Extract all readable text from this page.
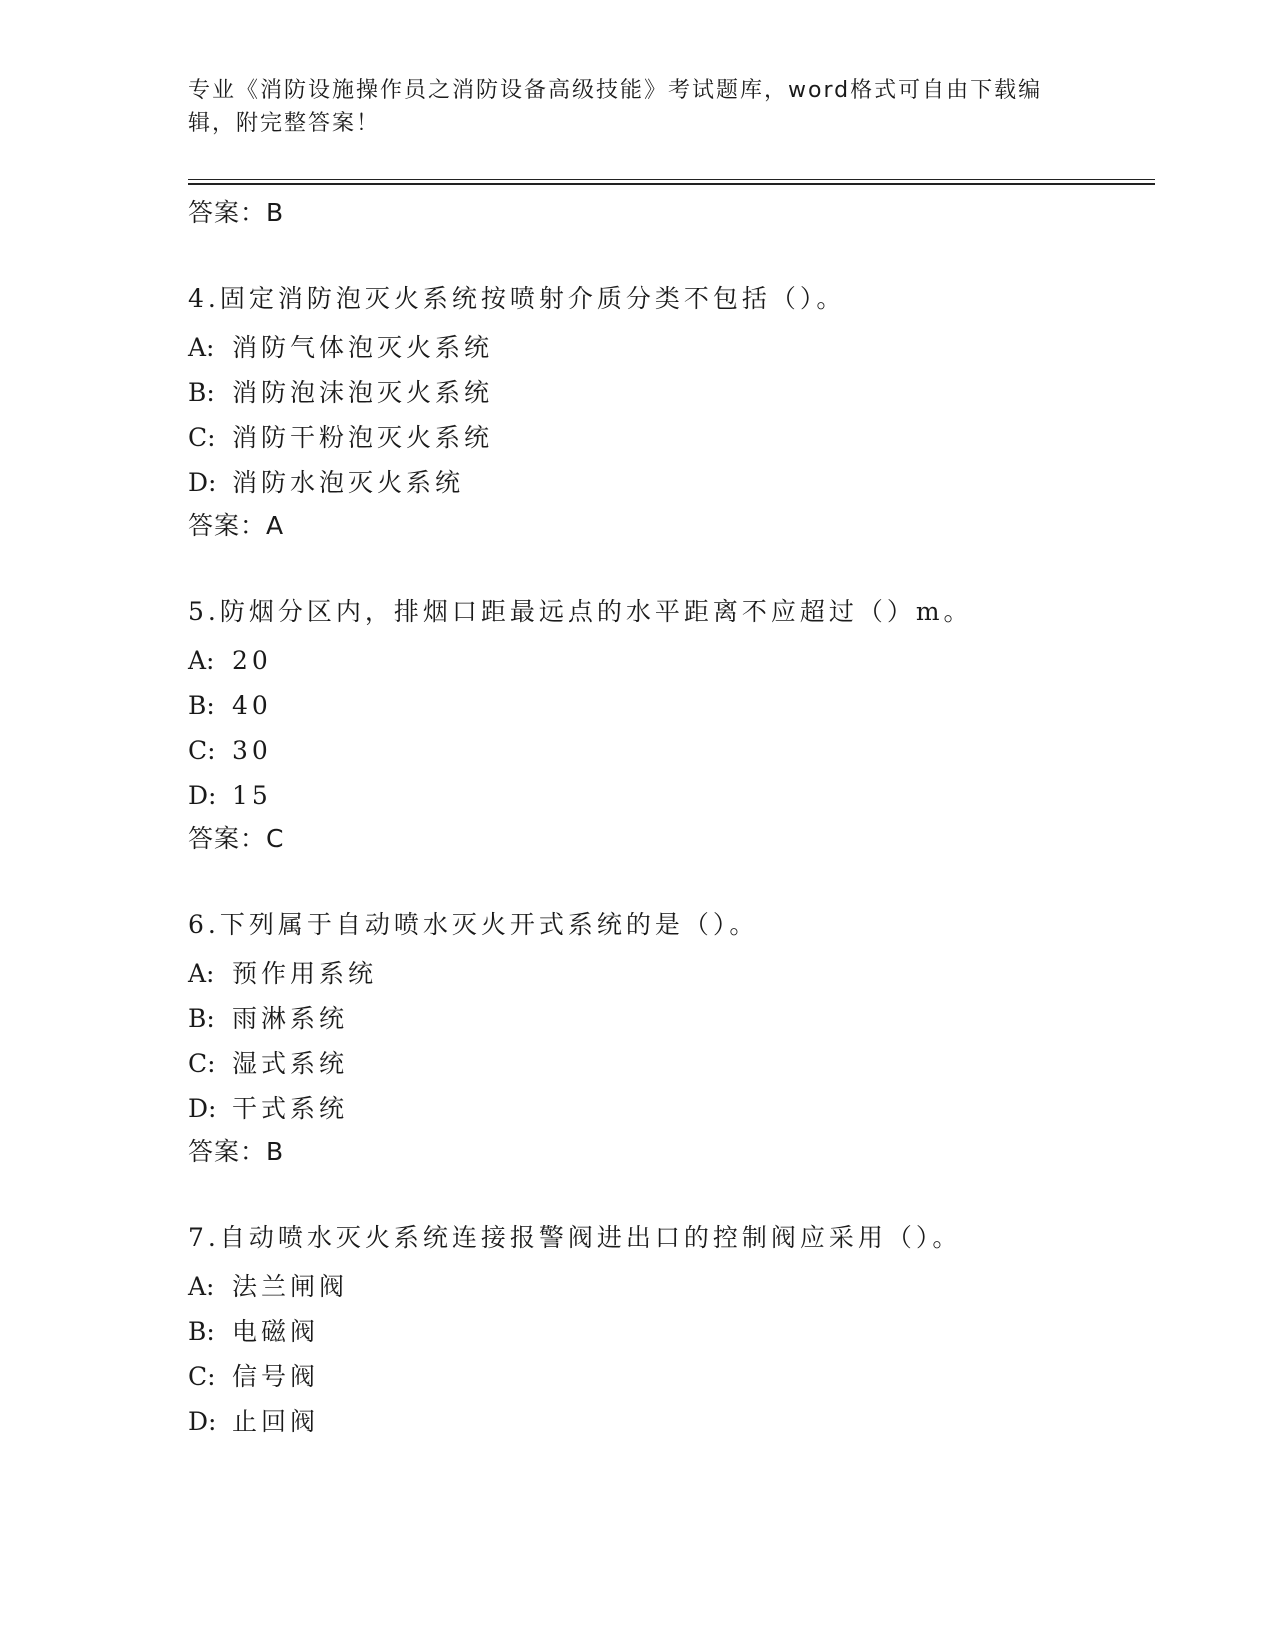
专业《消防设施操作员之消防设备高级技能》考试题库，word格式可自由下载编
辑，附完整答案！
答案：B
4.固定消防泡灭火系统按喷射介质分类不包括（）。
A: 消防气体泡灭火系统
B: 消防泡沫泡灭火系统
C: 消防干粉泡灭火系统
D: 消防水泡灭火系统
答案：A
5.防烟分区内，排烟口距最远点的水平距离不应超过（）m。
A: 20
B: 40
C: 30
D: 15
答案：C
6.下列属于自动喷水灭火开式系统的是（）。
A: 预作用系统
B: 雨淋系统
C: 湿式系统
D: 干式系统
答案：B
7.自动喷水灭火系统连接报警阀进出口的控制阀应采用（）。
A: 法兰闸阀
B: 电磁阀
C: 信号阀
D: 止回阀
